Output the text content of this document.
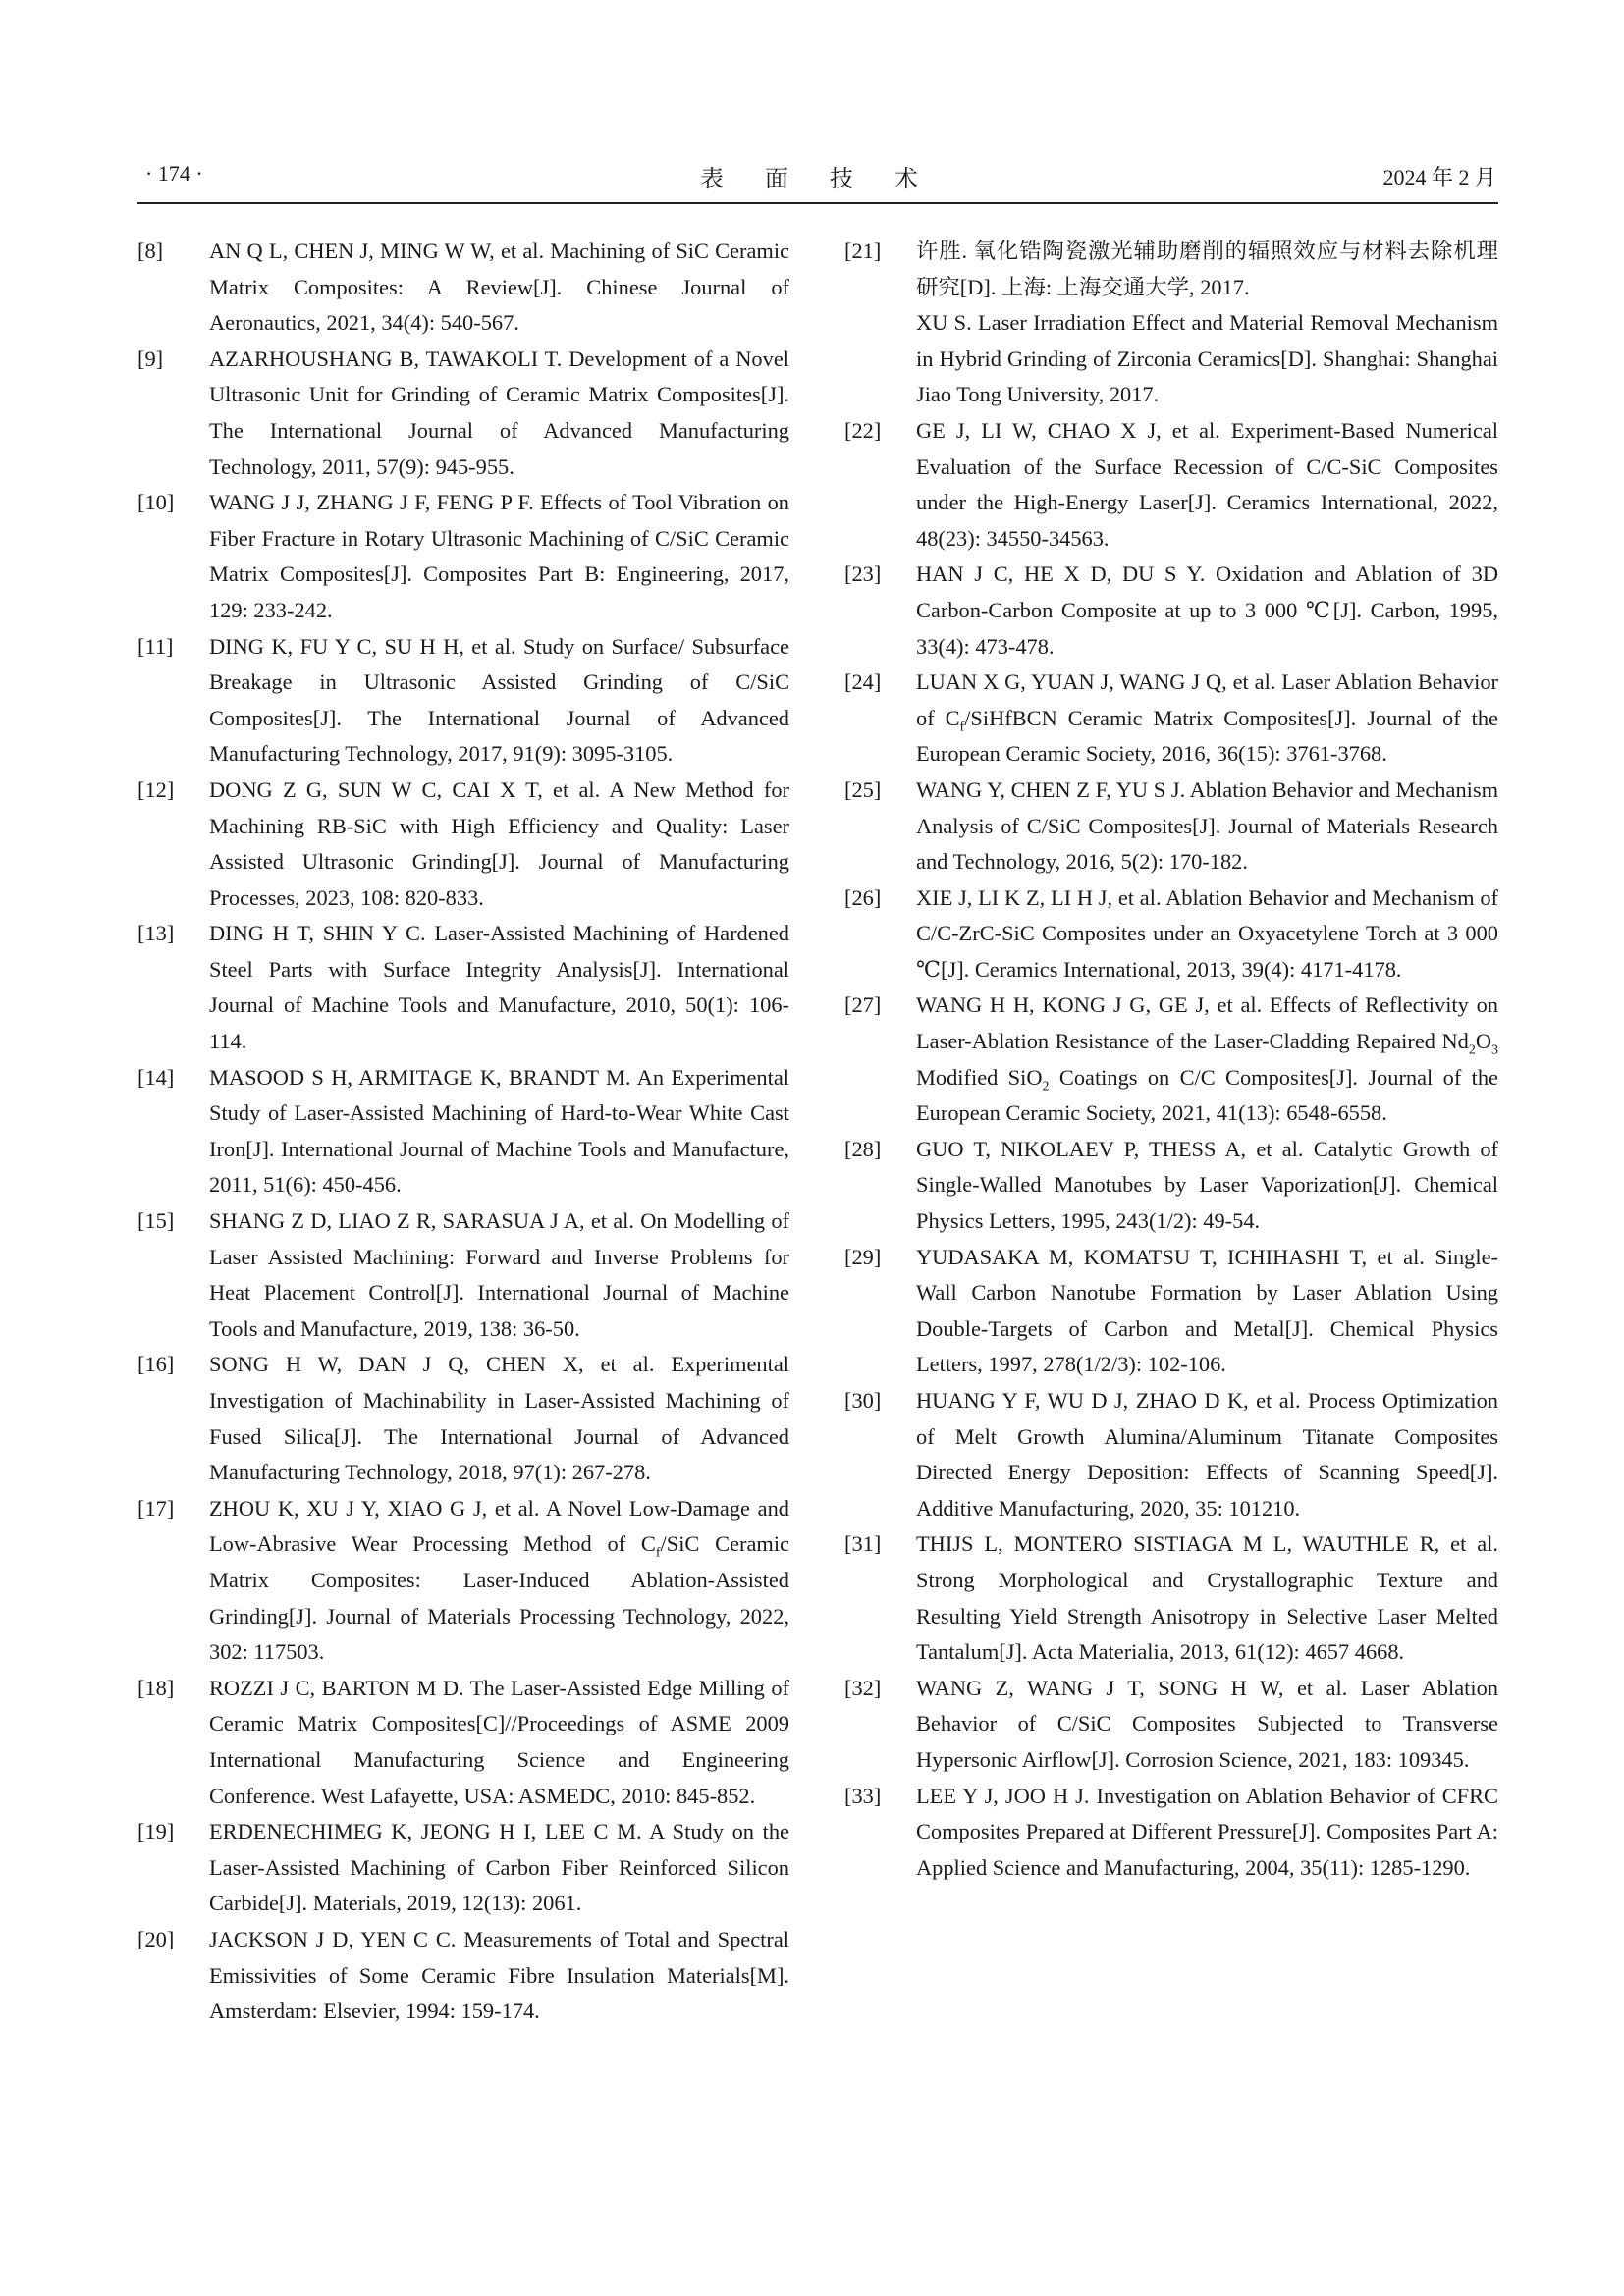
· 174 ·	表 面 技 术	2024 年 2 月
[8] AN Q L, CHEN J, MING W W, et al. Machining of SiC Ceramic Matrix Composites: A Review[J]. Chinese Journal of Aeronautics, 2021, 34(4): 540-567.
[9] AZARHOUSHANG B, TAWAKOLI T. Development of a Novel Ultrasonic Unit for Grinding of Ceramic Matrix Composites[J]. The International Journal of Advanced Manufacturing Technology, 2011, 57(9): 945-955.
[10] WANG J J, ZHANG J F, FENG P F. Effects of Tool Vibration on Fiber Fracture in Rotary Ultrasonic Machining of C/SiC Ceramic Matrix Composites[J]. Composites Part B: Engineering, 2017, 129: 233-242.
[11] DING K, FU Y C, SU H H, et al. Study on Surface/ Subsurface Breakage in Ultrasonic Assisted Grinding of C/SiC Composites[J]. The International Journal of Advanced Manufacturing Technology, 2017, 91(9): 3095-3105.
[12] DONG Z G, SUN W C, CAI X T, et al. A New Method for Machining RB-SiC with High Efficiency and Quality: Laser Assisted Ultrasonic Grinding[J]. Journal of Manufacturing Processes, 2023, 108: 820-833.
[13] DING H T, SHIN Y C. Laser-Assisted Machining of Hardened Steel Parts with Surface Integrity Analysis[J]. International Journal of Machine Tools and Manufacture, 2010, 50(1): 106-114.
[14] MASOOD S H, ARMITAGE K, BRANDT M. An Experimental Study of Laser-Assisted Machining of Hard-to-Wear White Cast Iron[J]. International Journal of Machine Tools and Manufacture, 2011, 51(6): 450-456.
[15] SHANG Z D, LIAO Z R, SARASUA J A, et al. On Modelling of Laser Assisted Machining: Forward and Inverse Problems for Heat Placement Control[J]. International Journal of Machine Tools and Manufacture, 2019, 138: 36-50.
[16] SONG H W, DAN J Q, CHEN X, et al. Experimental Investigation of Machinability in Laser-Assisted Machining of Fused Silica[J]. The International Journal of Advanced Manufacturing Technology, 2018, 97(1): 267-278.
[17] ZHOU K, XU J Y, XIAO G J, et al. A Novel Low-Damage and Low-Abrasive Wear Processing Method of $C_f$/SiC Ceramic Matrix Composites: Laser-Induced Ablation-Assisted Grinding[J]. Journal of Materials Processing Technology, 2022, 302: 117503.
[18] ROZZI J C, BARTON M D. The Laser-Assisted Edge Milling of Ceramic Matrix Composites[C]//Proceedings of ASME 2009 International Manufacturing Science and Engineering Conference. West Lafayette, USA: ASMEDC, 2010: 845-852.
[19] ERDENECHIMEG K, JEONG H I, LEE C M. A Study on the Laser-Assisted Machining of Carbon Fiber Reinforced Silicon Carbide[J]. Materials, 2019, 12(13): 2061.
[20] JACKSON J D, YEN C C. Measurements of Total and Spectral Emissivities of Some Ceramic Fibre Insulation Materials[M]. Amsterdam: Elsevier, 1994: 159-174.
[21] 许胜. 氧化锆陶瓷激光辅助磨削的辐照效应与材料去除机理研究[D]. 上海: 上海交通大学, 2017.
XU S. Laser Irradiation Effect and Material Removal Mechanism in Hybrid Grinding of Zirconia Ceramics[D]. Shanghai: Shanghai Jiao Tong University, 2017.
[22] GE J, LI W, CHAO X J, et al. Experiment-Based Numerical Evaluation of the Surface Recession of C/C-SiC Composites under the High-Energy Laser[J]. Ceramics International, 2022, 48(23): 34550-34563.
[23] HAN J C, HE X D, DU S Y. Oxidation and Ablation of 3D Carbon-Carbon Composite at up to 3 000 ℃[J]. Carbon, 1995, 33(4): 473-478.
[24] LUAN X G, YUAN J, WANG J Q, et al. Laser Ablation Behavior of $C_f$/SiHfBCN Ceramic Matrix Composites[J]. Journal of the European Ceramic Society, 2016, 36(15): 3761-3768.
[25] WANG Y, CHEN Z F, YU S J. Ablation Behavior and Mechanism Analysis of C/SiC Composites[J]. Journal of Materials Research and Technology, 2016, 5(2): 170-182.
[26] XIE J, LI K Z, LI H J, et al. Ablation Behavior and Mechanism of C/C-ZrC-SiC Composites under an Oxyacetylene Torch at 3 000 ℃[J]. Ceramics International, 2013, 39(4): 4171-4178.
[27] WANG H H, KONG J G, GE J, et al. Effects of Reflectivity on Laser-Ablation Resistance of the Laser-Cladding Repaired $Nd_2O_3$ Modified SiO$_2$ Coatings on C/C Composites[J]. Journal of the European Ceramic Society, 2021, 41(13): 6548-6558.
[28] GUO T, NIKOLAEV P, THESS A, et al. Catalytic Growth of Single-Walled Manotubes by Laser Vaporization[J]. Chemical Physics Letters, 1995, 243(1/2): 49-54.
[29] YUDASAKA M, KOMATSU T, ICHIHASHI T, et al. Single-Wall Carbon Nanotube Formation by Laser Ablation Using Double-Targets of Carbon and Metal[J]. Chemical Physics Letters, 1997, 278(1/2/3): 102-106.
[30] HUANG Y F, WU D J, ZHAO D K, et al. Process Optimization of Melt Growth Alumina/Aluminum Titanate Composites Directed Energy Deposition: Effects of Scanning Speed[J]. Additive Manufacturing, 2020, 35: 101210.
[31] THIJS L, MONTERO SISTIAGA M L, WAUTHLE R, et al. Strong Morphological and Crystallographic Texture and Resulting Yield Strength Anisotropy in Selective Laser Melted Tantalum[J]. Acta Materialia, 2013, 61(12): 4657 4668.
[32] WANG Z, WANG J T, SONG H W, et al. Laser Ablation Behavior of C/SiC Composites Subjected to Transverse Hypersonic Airflow[J]. Corrosion Science, 2021, 183: 109345.
[33] LEE Y J, JOO H J. Investigation on Ablation Behavior of CFRC Composites Prepared at Different Pressure[J]. Composites Part A: Applied Science and Manufacturing, 2004, 35(11): 1285-1290.
